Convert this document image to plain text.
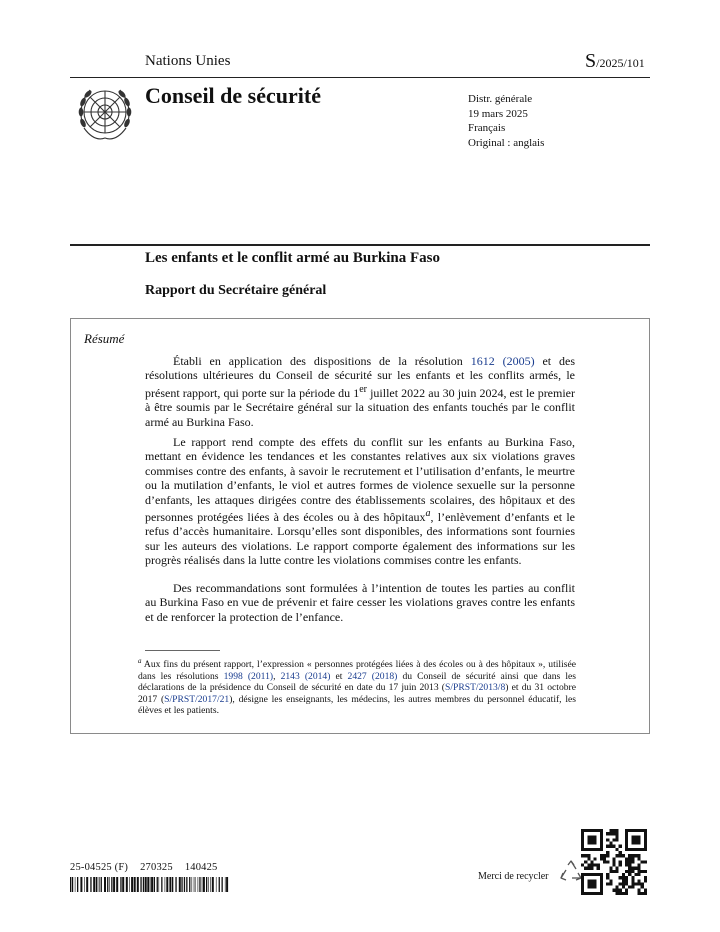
Nations Unies	S/2025/101
Conseil de sécurité	Distr. générale
19 mars 2025
Français
Original : anglais
Les enfants et le conflit armé au Burkina Faso
Rapport du Secrétaire général
Résumé

Établi en application des dispositions de la résolution 1612 (2005) et des résolutions ultérieures du Conseil de sécurité sur les enfants et les conflits armés, le présent rapport, qui porte sur la période du 1er juillet 2022 au 30 juin 2024, est le premier à être soumis par le Secrétaire général sur la situation des enfants touchés par le conflit armé au Burkina Faso.

Le rapport rend compte des effets du conflit sur les enfants au Burkina Faso, mettant en évidence les tendances et les constantes relatives aux six violations graves commises contre des enfants, à savoir le recrutement et l’utilisation d’enfants, le meurtre ou la mutilation d’enfants, le viol et autres formes de violence sexuelle sur la personne d’enfants, les attaques dirigées contre des établissements scolaires, des hôpitaux et des personnes protégées liées à des écoles ou à des hôpitaux$^a$, l’enlèvement d’enfants et le refus d’accès humanitaire. Lorsqu’elles sont disponibles, des informations sont fournies sur les auteurs des violations. Le rapport comporte également des informations sur les progrès réalisés dans la lutte contre les violations commises contre les enfants.

Des recommandations sont formulées à l’intention de toutes les parties au conflit au Burkina Faso en vue de prévenir et faire cesser les violations graves contre les enfants et de renforcer la protection de l’enfance.

$^a$ Aux fins du présent rapport, l’expression « personnes protégées liées à des écoles ou à des hôpitaux », utilisée dans les résolutions 1998 (2011), 2143 (2014) et 2427 (2018) du Conseil de sécurité ainsi que dans les déclarations de la présidence du Conseil de sécurité en date du 17 juin 2013 (S/PRST/2013/8) et du 31 octobre 2017 (S/PRST/2017/21), désigne les enseignants, les médecins, les autres membres du personnel éducatif, les élèves et les patients.

25-04525 (F) 270325 140425
Merci de recycler
